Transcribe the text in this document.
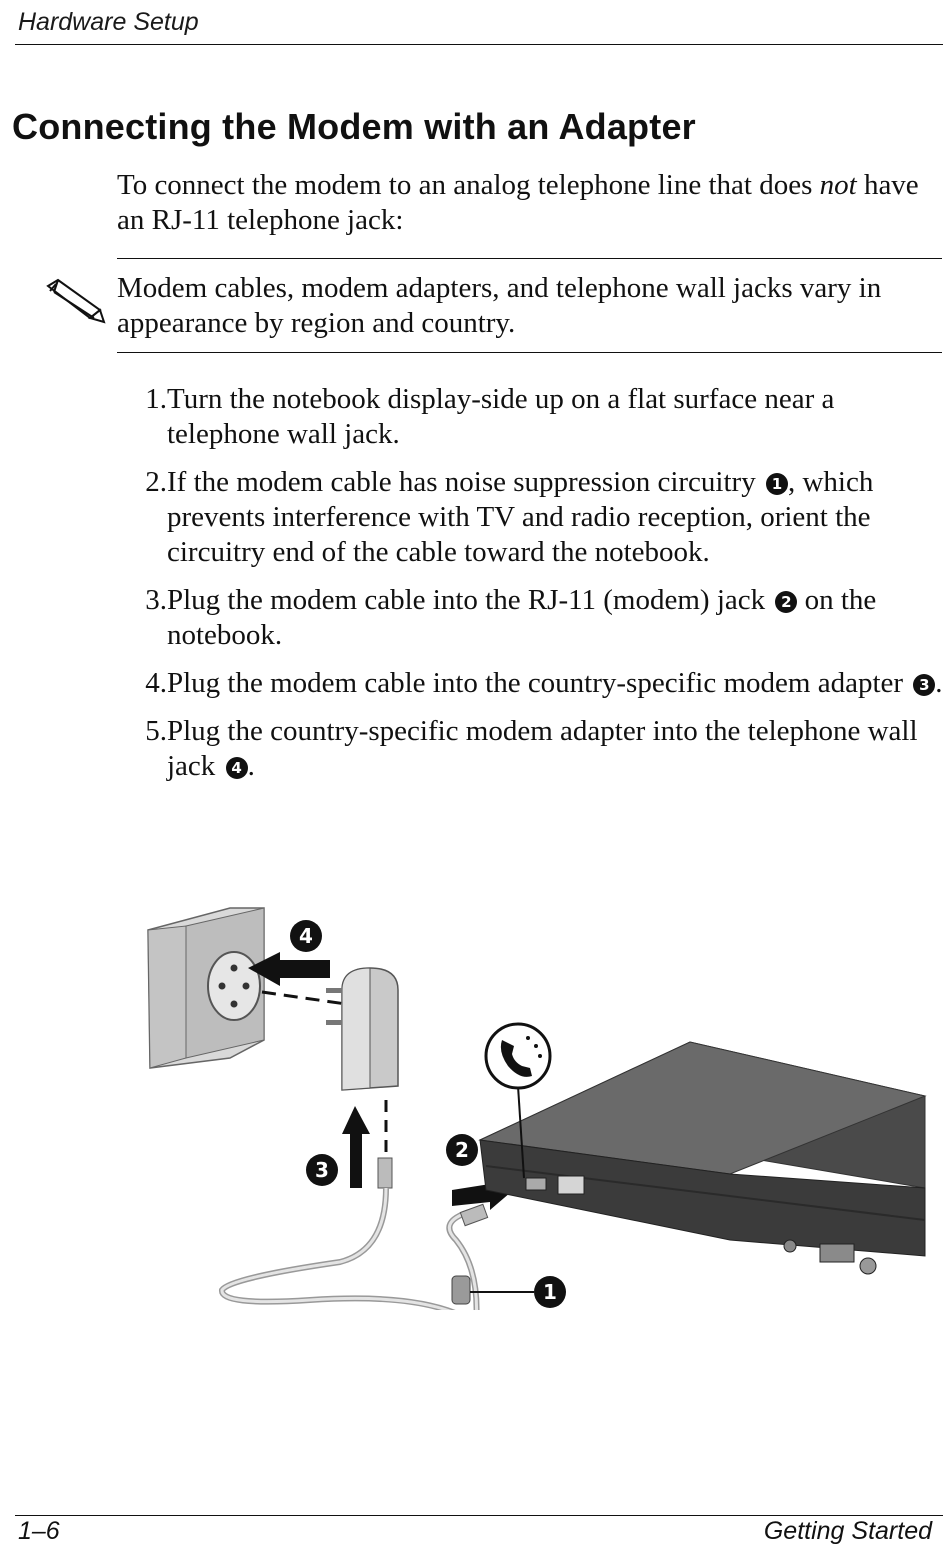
Hardware Setup
Connecting the Modem with an Adapter

To connect the modem to an analog telephone line that does not have an RJ-11 telephone jack:

Modem cables, modem adapters, and telephone wall jacks vary in appearance by region and country.

1. Turn the notebook display-side up on a flat surface near a telephone wall jack.
2. If the modem cable has noise suppression circuitry 1 , which prevents interference with TV and radio reception, orient the circuitry end of the cable toward the notebook.
3. Plug the modem cable into the RJ-11 (modem) jack 2 on the notebook.
4. Plug the modem cable into the country-specific modem adapter 3 .
5. Plug the country-specific modem adapter into the telephone wall jack 4 .
4
3
1
2
1–6	Getting Started
